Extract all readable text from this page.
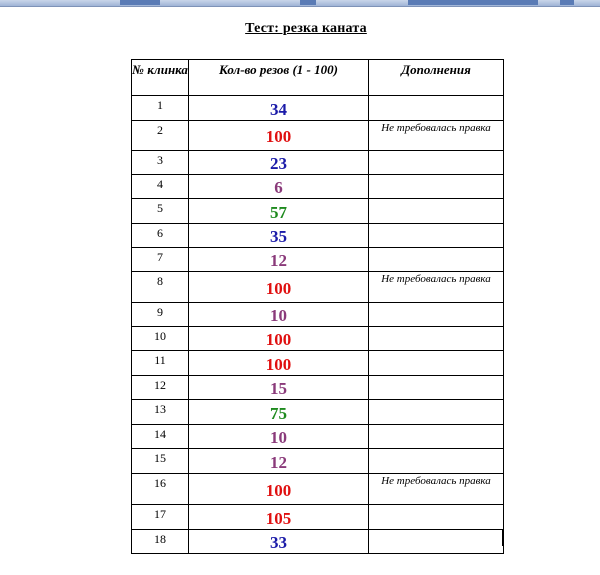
Тест: резка каната
№ клинка	Кол-во резов (1 - 100)	Дополнения
1	34	
2	100	Не требовалась правка
3	23	
4	6	
5	57	
6	35	
7	12	
8	100	Не требовалась правка
9	10	
10	100	
11	100	
12	15	
13	75	
14	10	
15	12	
16	100	Не требовалась правка
17	105	
18	33	
